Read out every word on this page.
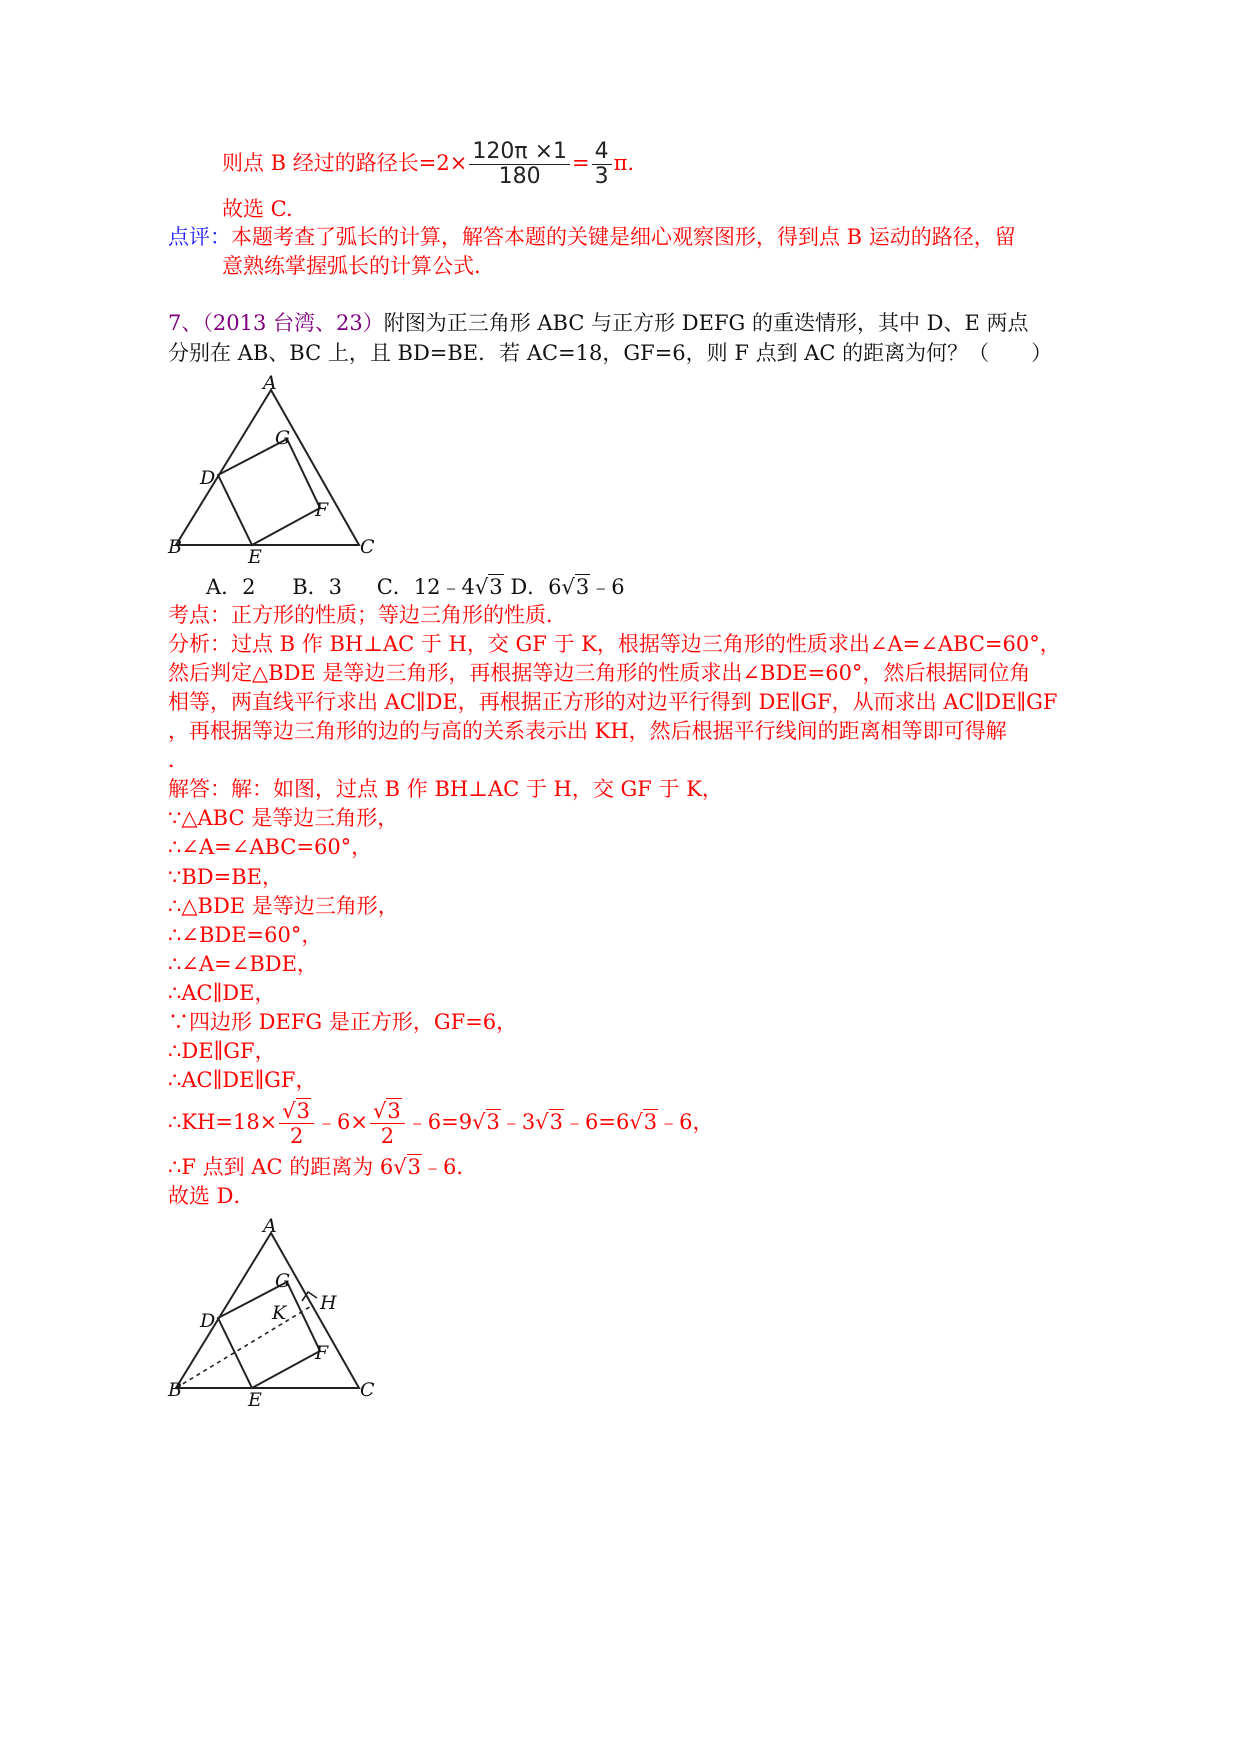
则点 B 经过的路径长$=2\times \frac{120\pi \times 1}{180} = \frac{4}{3} \pi$.
故选 C.
点评：本题考查了弧长的计算，解答本题的关键是细心观察图形，得到点 B 运动的路径，留
意熟练掌握弧长的计算公式.
7、（2013 台湾、23）附图为正三角形 ABC 与正方形 DEFG 的重迭情形，其中 D、E 两点
分别在 AB、BC 上，且 BD=BE．若 AC=18，GF=6，则 F 点到 AC 的距离为何？（　　）
A
B	C
D
E
F
G
A．2 B．3 C．12﹣4√3 D．6√3﹣6
考点：正方形的性质；等边三角形的性质．
分析：过点 B 作 BH⊥AC 于 H，交 GF 于 K，根据等边三角形的性质求出∠A=∠ABC=60°，
然后判定△BDE 是等边三角形，再根据等边三角形的性质求出∠BDE=60°，然后根据同位角
相等，两直线平行求出 AC∥DE，再根据正方形的对边平行得到 DE∥GF，从而求出 AC∥DE∥GF
，再根据等边三角形的边的与高的关系表示出 KH，然后根据平行线间的距离相等即可得解
．
解答：解：如图，过点 B 作 BH⊥AC 于 H，交 GF 于 K，
∵△ABC 是等边三角形，
∴∠A=∠ABC=60°，
∵BD=BE，
∴△BDE 是等边三角形，
∴∠BDE=60°，
∴∠A=∠BDE，
∴AC∥DE，
∵四边形 DEFG 是正方形，GF=6，
∴DE∥GF，
∴AC∥DE∥GF，
∴KH=18× $\frac{√3}{2}$ ﹣6× $\frac{√3}{2}$ ﹣6=9√3﹣3√3﹣6=6√3﹣6，
∴F 点到 AC 的距离为 6√3﹣6．
故选 D．
A
B	C
D
E
F
G
H
K
